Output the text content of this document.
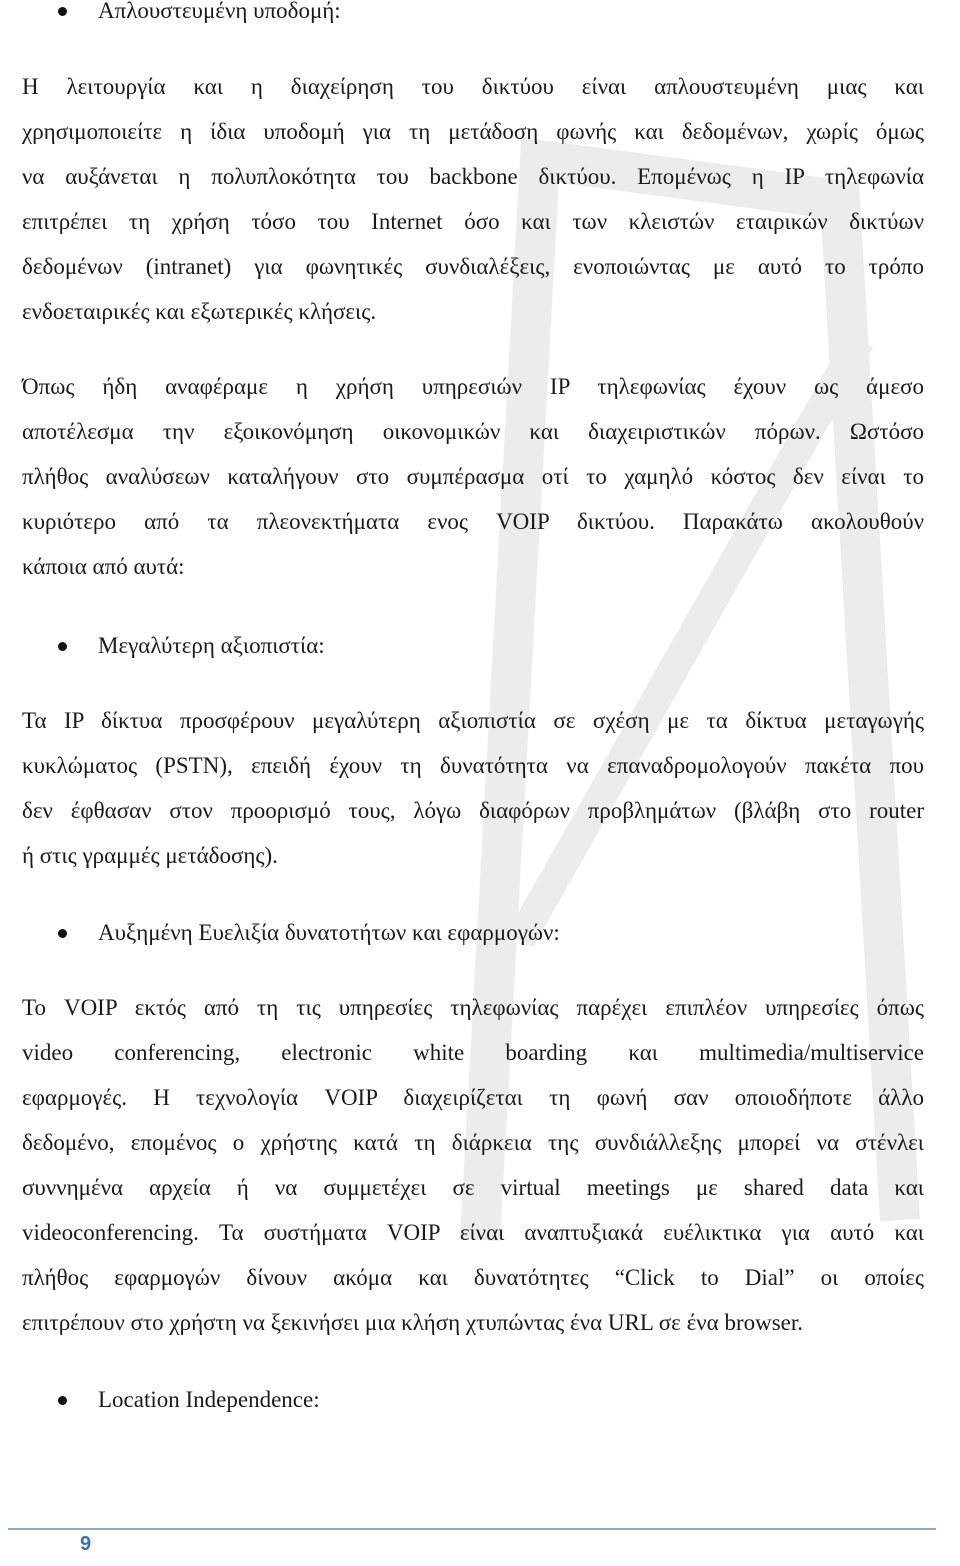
Απλουστευμένη υποδομή:
Η λειτουργία και η διαχείρηση του δικτύου είναι απλουστευμένη μιας και
χρησιμοποιείτε η ίδια υποδομή για τη μετάδοση φωνής και δεδομένων, χωρίς όμως
να αυξάνεται η πολυπλοκότητα του backbone δικτύου. Επομένως η IP τηλεφωνία
επιτρέπει τη χρήση τόσο του Internet όσο και των κλειστών εταιρικών δικτύων
δεδομένων (intranet) για φωνητικές συνδιαλέξεις, ενοποιώντας με αυτό το τρόπο
ενδοεταιρικές και εξωτερικές κλήσεις.
Όπως ήδη αναφέραμε η χρήση υπηρεσιών IP τηλεφωνίας έχουν ως άμεσο
αποτέλεσμα την εξοικονόμηση οικονομικών και διαχειριστικών πόρων. Ωστόσο
πλήθος αναλύσεων καταλήγουν στο συμπέρασμα οτί το χαμηλό κόστος δεν είναι το
κυριότερο από τα πλεονεκτήματα ενος VOIP δικτύου. Παρακάτω ακολουθούν
κάποια από αυτά:
Μεγαλύτερη αξιοπιστία:
Τα IP δίκτυα προσφέρουν μεγαλύτερη αξιοπιστία σε σχέση με τα δίκτυα μεταγωγής
κυκλώματος (PSTN), επειδή έχουν τη δυνατότητα να επαναδρομολογούν πακέτα που
δεν έφθασαν στον προορισμό τους, λόγω διαφόρων προβλημάτων (βλάβη στο router
ή στις γραμμές μετάδοσης).
Αυξημένη Ευελιξία δυνατοτήτων και εφαρμογών:
Το VOIP εκτός από τη τις υπηρεσίες τηλεφωνίας παρέχει επιπλέον υπηρεσίες όπως
video conferencing, electronic white boarding και multimedia/multiservice
εφαρμογές. Η τεχνολογία VOIP διαχειρίζεται τη φωνή σαν οποιοδήποτε άλλο
δεδομένο, επομένος ο χρήστης κατά τη διάρκεια της συνδιάλλεξης μπορεί να στένλει
συννημένα αρχεία ή να συμμετέχει σε virtual meetings με shared data και
videoconferencing. Τα συστήματα VOIP είναι αναπτυξιακά ευέλικτικα για αυτό και
πλήθος εφαρμογών δίνουν ακόμα και δυνατότητες “Click to Dial” οι οποίες
επιτρέπουν στο χρήστη να ξεκινήσει μια κλήση χτυπώντας ένα URL σε ένα browser.
Location Independence:
9
